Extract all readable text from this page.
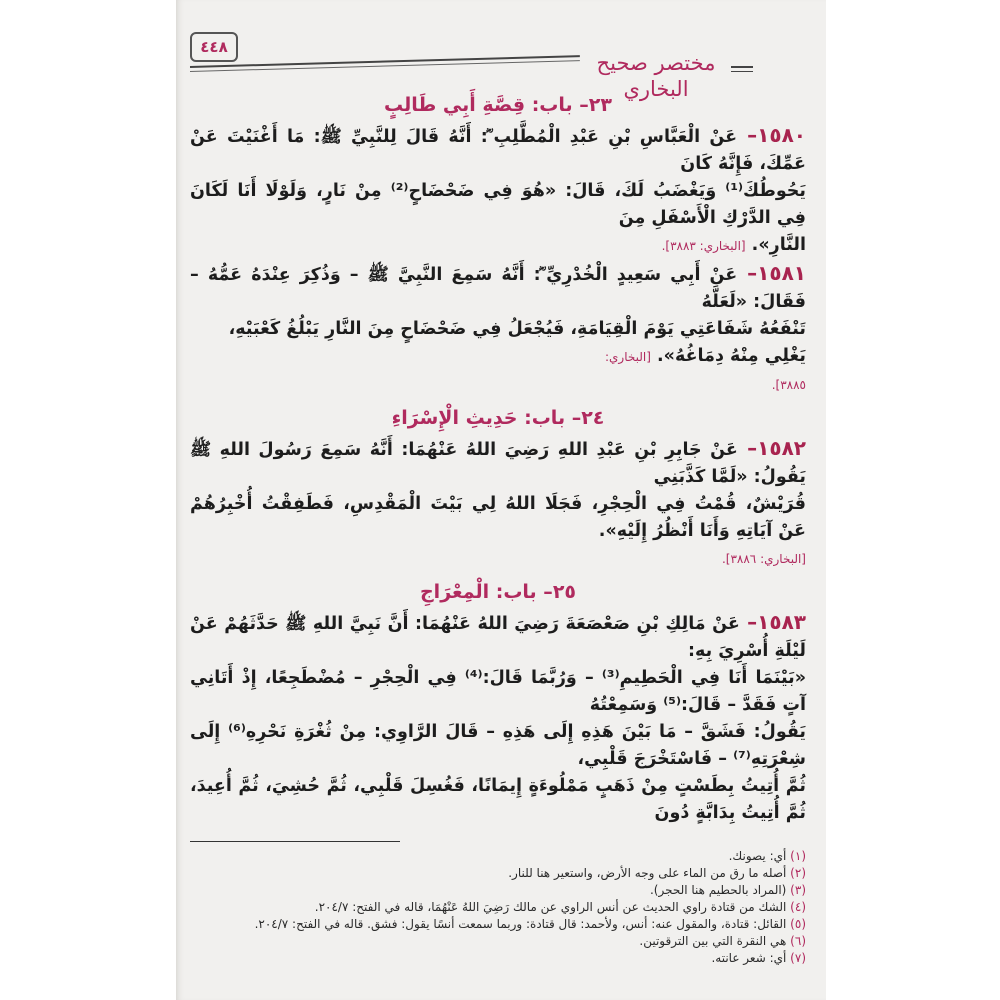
٤٤٨
مختصر صحيح البخاري
٢٣– باب: قِصَّةِ أَبِي طَالِبٍ
١٥٨٠– عَنْ الْعَبَّاسِ بْنِ عَبْدِ الْمُطَّلِبِ ؓ: أَنَّهُ قَالَ لِلنَّبِيِّ ﷺ: مَا أَغْنَيْتَ عَنْ عَمِّكَ، فَإِنَّهُ كَانَ
يَحُوطُكَ⁽¹⁾ وَيَغْضَبُ لَكَ، قَالَ: «هُوَ فِي ضَحْضَاحٍ⁽²⁾ مِنْ نَارٍ، وَلَوْلَا أَنَا لَكَانَ فِي الدَّرْكِ الْأَسْفَلِ مِنَ
النَّارِ». [البخاري: ٣٨٨٣].
١٥٨١– عَنْ أَبِي سَعِيدٍ الْخُدْرِيِّ ؓ: أَنَّهُ سَمِعَ النَّبِيَّ ﷺ – وَذُكِرَ عِنْدَهُ عَمُّهُ – فَقَالَ: «لَعَلَّهُ
تَنْفَعُهُ شَفَاعَتِي يَوْمَ الْقِيَامَةِ، فَيُجْعَلُ فِي ضَحْضَاحٍ مِنَ النَّارِ يَبْلُغُ كَعْبَيْهِ، يَغْلِي مِنْهُ دِمَاغُهُ». [البخاري:
٣٨٨٥].
٢٤– باب: حَدِيثِ الْإِسْرَاءِ
١٥٨٢– عَنْ جَابِرِ بْنِ عَبْدِ اللهِ رَضِيَ اللهُ عَنْهُمَا: أَنَّهُ سَمِعَ رَسُولَ اللهِ ﷺ يَقُولُ: «لَمَّا كَذَّبَنِي
قُرَيْشٌ، قُمْتُ فِي الْحِجْرِ، فَجَلَا اللهُ لِي بَيْتَ الْمَقْدِسِ، فَطَفِقْتُ أُخْبِرُهُمْ عَنْ آيَاتِهِ وَأَنَا أَنْظُرُ إِلَيْهِ».
[البخاري: ٣٨٨٦].
٢٥– باب: الْمِعْرَاجِ
١٥٨٣– عَنْ مَالِكِ بْنِ صَعْصَعَةَ رَضِيَ اللهُ عَنْهُمَا: أَنَّ نَبِيَّ اللهِ ﷺ حَدَّثَهُمْ عَنْ لَيْلَةِ أُسْرِيَ بِهِ:
«بَيْنَمَا أَنَا فِي الْحَطِيمِ⁽³⁾ – وَرُبَّمَا قَالَ:⁽⁴⁾ فِي الْحِجْرِ – مُضْطَجِعًا، إِذْ أَتَانِي آتٍ فَقَدَّ – قَالَ:⁽⁵⁾ وَسَمِعْتُهُ
يَقُولُ: فَشَقَّ – مَا بَيْنَ هَذِهِ إِلَى هَذِهِ – قَالَ الرَّاوِي: مِنْ ثُغْرَةِ نَحْرِهِ⁽⁶⁾ إِلَى شِعْرَتِهِ⁽⁷⁾ – فَاسْتَخْرَجَ قَلْبِي،
ثُمَّ أُتِيتُ بِطَسْتٍ مِنْ ذَهَبٍ مَمْلُوءَةٍ إِيمَانًا، فَغُسِلَ قَلْبِي، ثُمَّ حُشِيَ، ثُمَّ أُعِيدَ، ثُمَّ أُتِيتُ بِدَابَّةٍ دُونَ
(١) أي: يصونك.
(٢) أصله ما رق من الماء على وجه الأرض، واستعير هنا للنار.
(٣) (المراد بالحطيم هنا الحجر).
(٤) الشك من قتادة راوي الحديث عن أنس الراوي عن مالك رَضِيَ اللهُ عَنْهُمَا، قاله في الفتح: ٢٠٤/٧.
(٥) القائل: قتادة، والمقول عنه: أنس، ولأحمد: قال قتادة: وربما سمعت أنسًا يقول: فشق. قاله في الفتح: ٢٠٤/٧.
(٦) هي النقرة التي بين الترقوتين.
(٧) أي: شعر عانته.
